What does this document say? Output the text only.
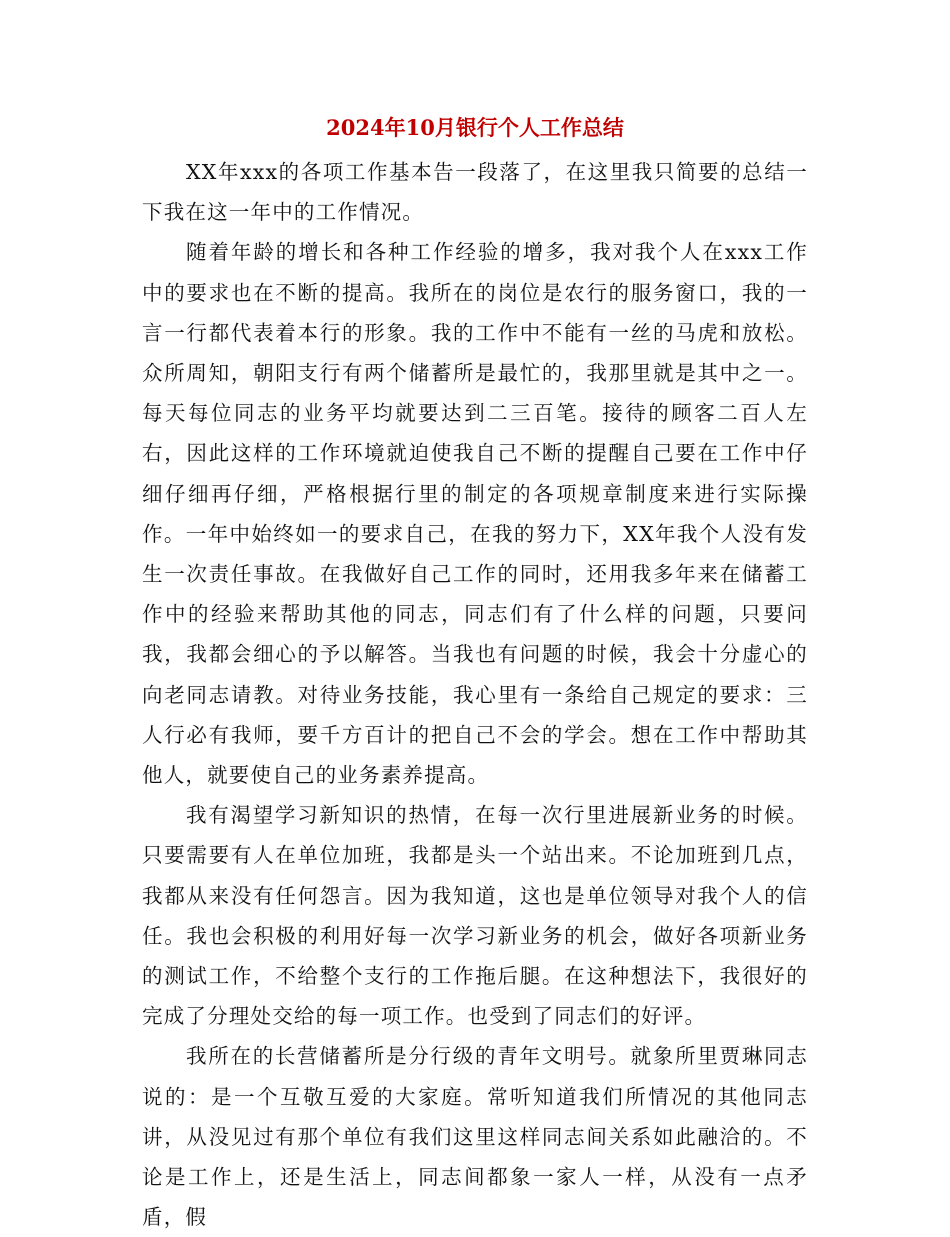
2024年10月银行个人工作总结

XX年xxx的各项工作基本告一段落了，在这里我只简要的总结一下我在这一年中的工作情况。

随着年龄的增长和各种工作经验的增多，我对我个人在xxx工作中的要求也在不断的提高。我所在的岗位是农行的服务窗口，我的一言一行都代表着本行的形象。我的工作中不能有一丝的马虎和放松。众所周知，朝阳支行有两个储蓄所是最忙的，我那里就是其中之一。每天每位同志的业务平均就要达到二三百笔。接待的顾客二百人左右，因此这样的工作环境就迫使我自己不断的提醒自己要在工作中仔细仔细再仔细，严格根据行里的制定的各项规章制度来进行实际操作。一年中始终如一的要求自己，在我的努力下，XX年我个人没有发生一次责任事故。在我做好自己工作的同时，还用我多年来在储蓄工作中的经验来帮助其他的同志，同志们有了什么样的问题，只要问我，我都会细心的予以解答。当我也有问题的时候，我会十分虚心的向老同志请教。对待业务技能，我心里有一条给自己规定的要求：三人行必有我师，要千方百计的把自己不会的学会。想在工作中帮助其他人，就要使自己的业务素养提高。

我有渴望学习新知识的热情，在每一次行里进展新业务的时候。只要需要有人在单位加班，我都是头一个站出来。不论加班到几点，我都从来没有任何怨言。因为我知道，这也是单位领导对我个人的信任。我也会积极的利用好每一次学习新业务的机会，做好各项新业务的测试工作，不给整个支行的工作拖后腿。在这种想法下，我很好的完成了分理处交给的每一项工作。也受到了同志们的好评。

我所在的长营储蓄所是分行级的青年文明号。就象所里贾琳同志说的：是一个互敬互爱的大家庭。常听知道我们所情况的其他同志讲，从没见过有那个单位有我们这里这样同志间关系如此融洽的。不论是工作上，还是生活上，同志间都象一家人一样，从没有一点矛盾，假
